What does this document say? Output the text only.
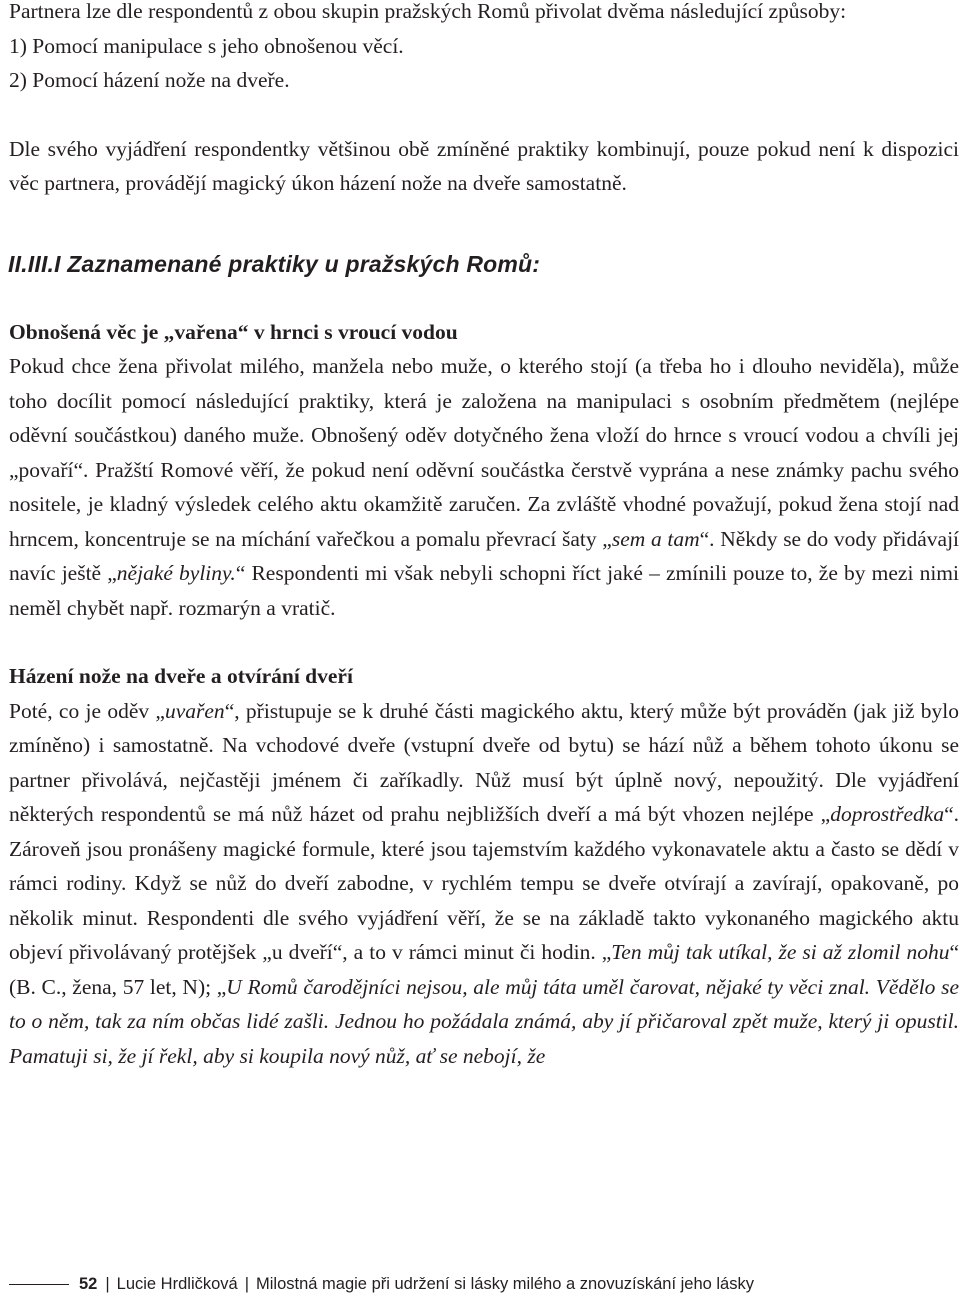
Partnera lze dle respondentů z obou skupin pražských Romů přivolat dvěma následující způsoby:

1) Pomocí manipulace s jeho obnošenou věcí.

2) Pomocí házení nože na dveře.

Dle svého vyjádření respondentky většinou obě zmíněné praktiky kombinují, pouze pokud není k dispozici věc partnera, provádějí magický úkon házení nože na dveře samostatně.

II.III.I Zaznamenané praktiky u pražských Romů:

Obnošená věc je „vařena“ v hrnci s vroucí vodou

Pokud chce žena přivolat milého, manžela nebo muže, o kterého stojí (a třeba ho i dlouho neviděla), může toho docílit pomocí následující praktiky, která je založena na manipulaci s osobním předmětem (nejlépe oděvní součástkou) daného muže. Obnošený oděv dotyčného žena vloží do hrnce s vroucí vodou a chvíli jej „povaří“. Pražští Romové věří, že pokud není oděvní součástka čerstvě vyprána a nese známky pachu svého nositele, je kladný výsledek celého aktu okamžitě zaručen. Za zvláště vhodné považují, pokud žena stojí nad hrncem, koncentruje se na míchání vařečkou a pomalu převrací šaty „sem a tam“. Někdy se do vody přidávají navíc ještě „nějaké byliny.“ Respondenti mi však nebyli schopni říct jaké – zmínili pouze to, že by mezi nimi neměl chybět např. rozmarýn a vratič.

Házení nože na dveře a otvírání dveří

Poté, co je oděv „uvařen“, přistupuje se k druhé části magického aktu, který může být prováděn (jak již bylo zmíněno) i samostatně. Na vchodové dveře (vstupní dveře od bytu) se hází nůž a během tohoto úkonu se partner přivolává, nejčastěji jménem či zaříkadly. Nůž musí být úplně nový, nepoužitý. Dle vyjádření některých respondentů se má nůž házet od prahu nejbližších dveří a má být vhozen nejlépe „doprostředka“. Zároveň jsou pronášeny magické formule, které jsou tajemstvím každého vykonavatele aktu a často se dědí v rámci rodiny. Když se nůž do dveří zabodne, v rychlém tempu se dveře otvírají a zavírají, opakovaně, po několik minut. Respondenti dle svého vyjádření věří, že se na základě takto vykonaného magického aktu objeví přivolávaný protějšek „u dveří“, a to v rámci minut či hodin. „Ten můj tak utíkal, že si až zlomil nohu“ (B. C., žena, 57 let, N); „U Romů čarodějníci nejsou, ale můj táta uměl čarovat, nějaké ty věci znal. Vědělo se to o něm, tak za ním občas lidé zašli. Jednou ho požádala známá, aby jí přičaroval zpět muže, který ji opustil. Pamatuji si, že jí řekl, aby si koupila nový nůž, ať se nebojí, že

52 | Lucie Hrdličková | Milostná magie při udržení si lásky milého a znovuzískání jeho lásky
